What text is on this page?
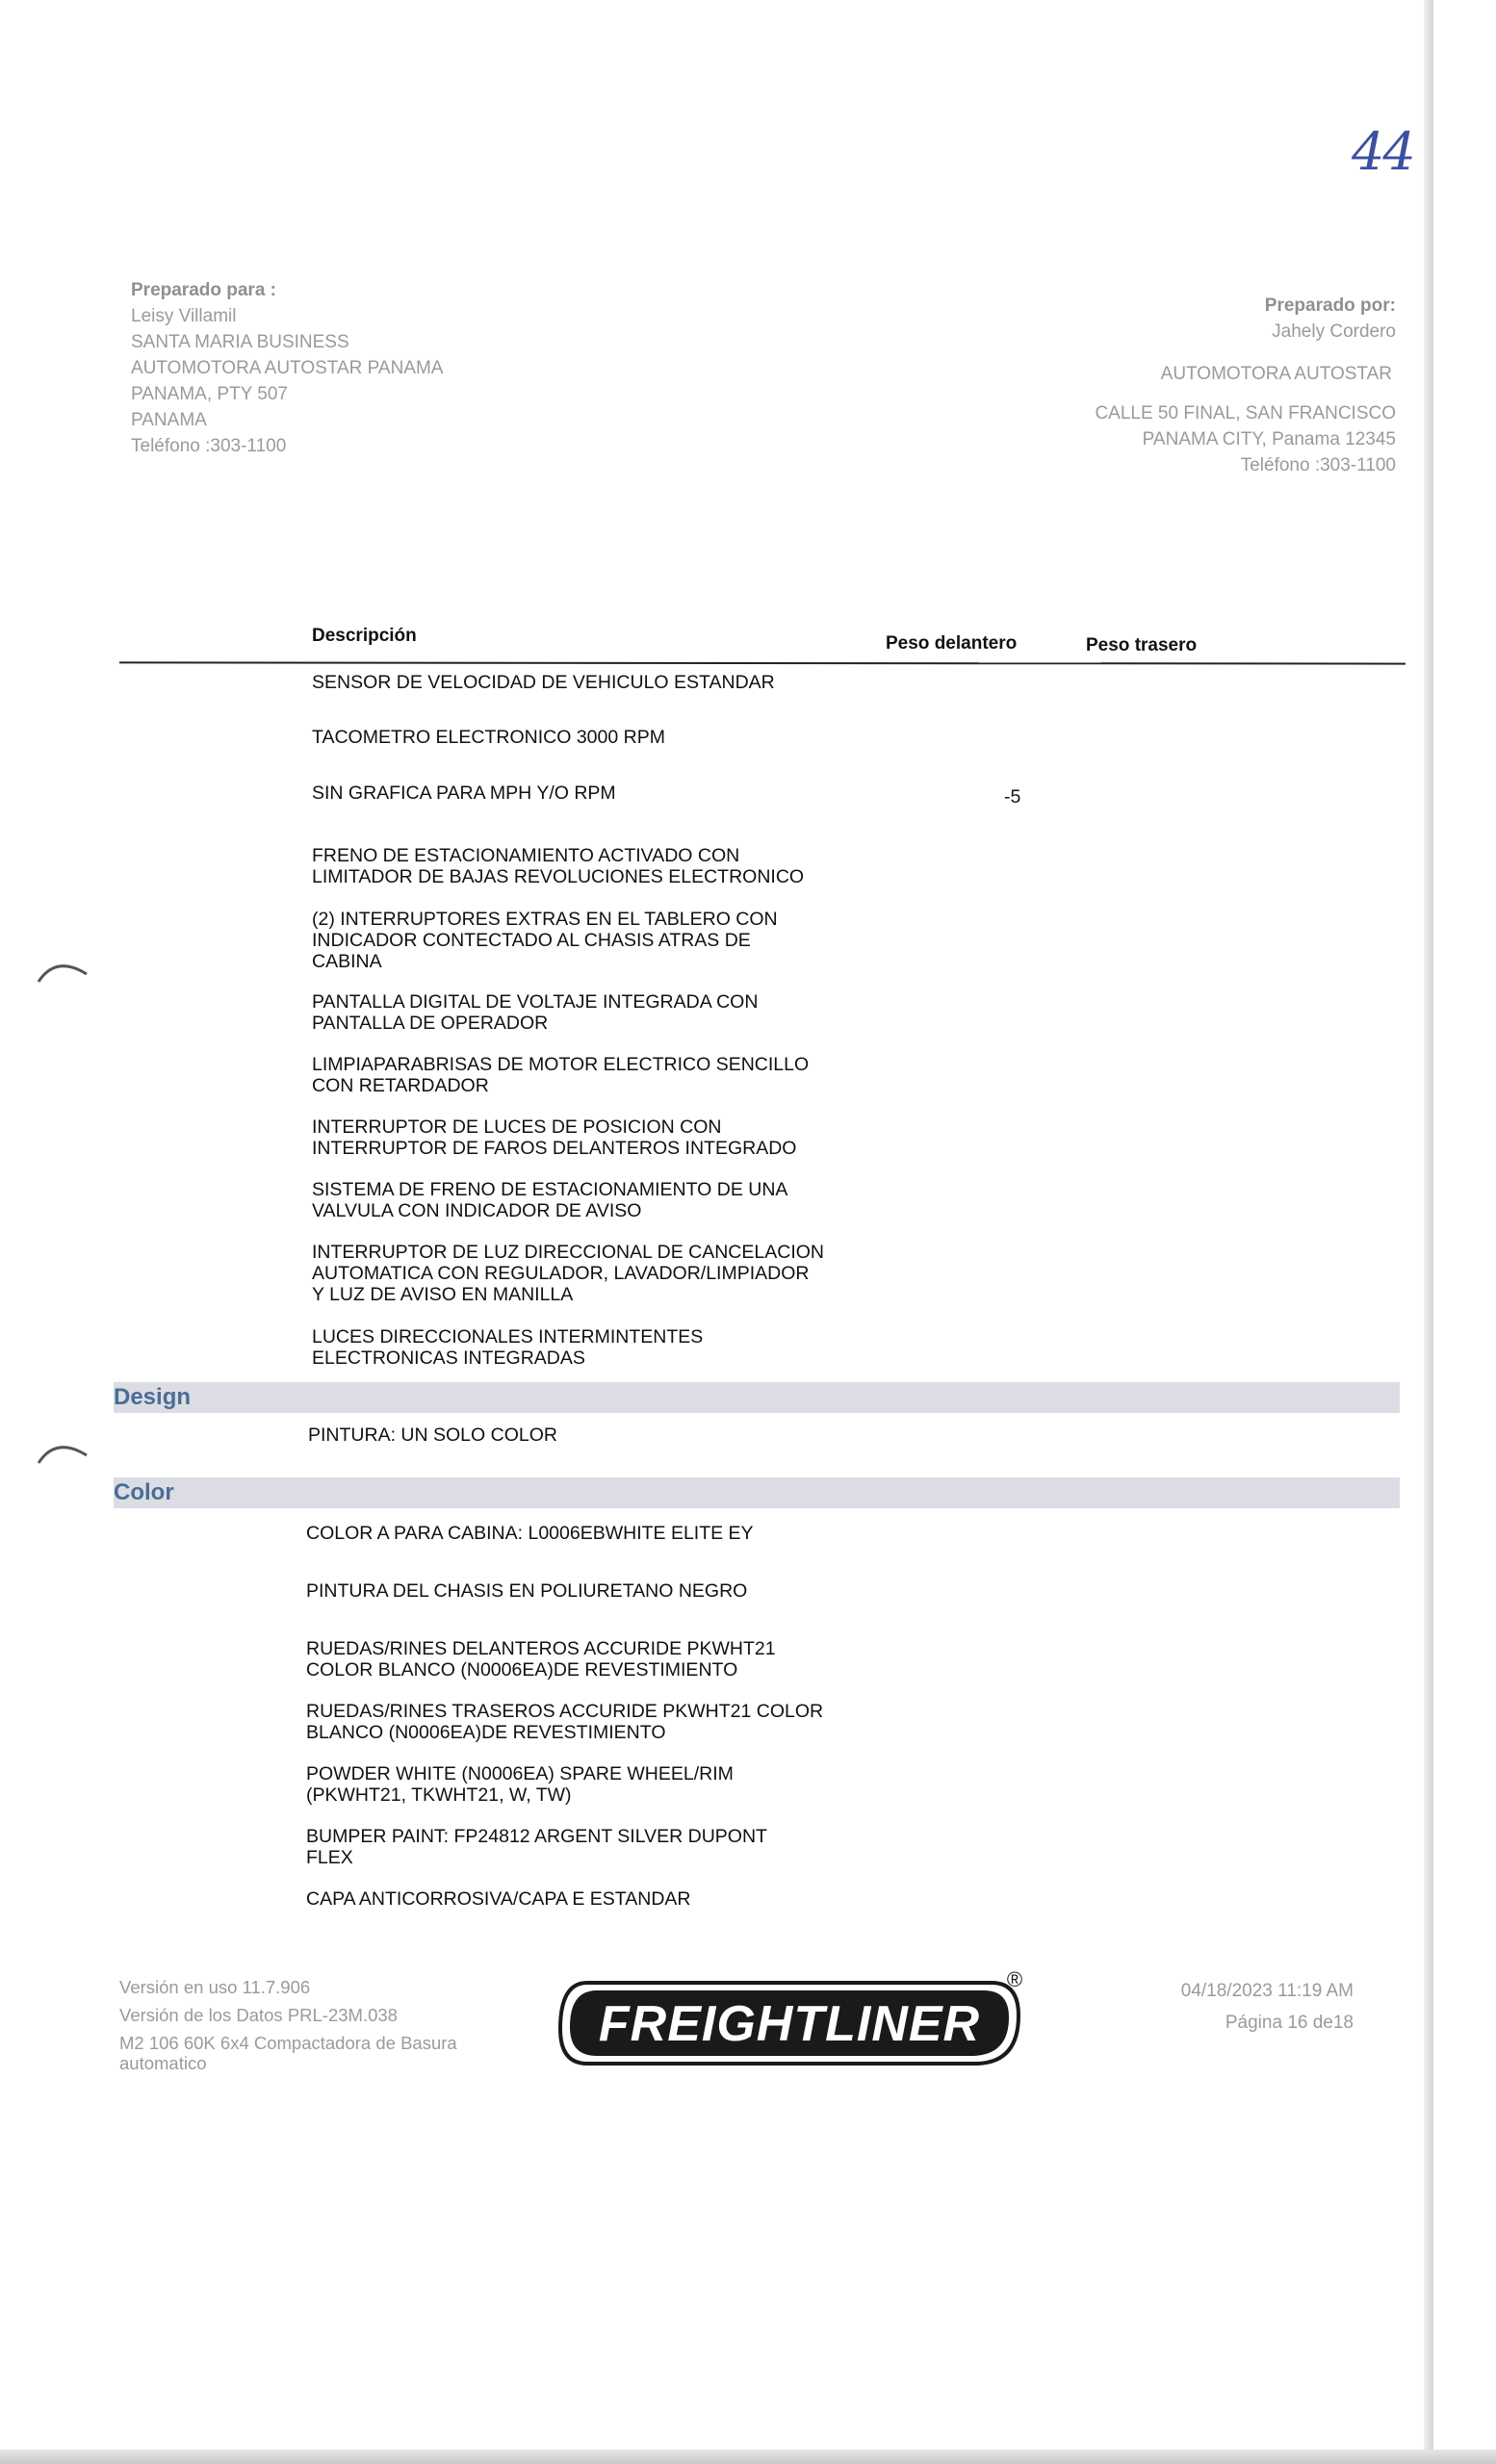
44
Preparado para :
Leisy Villamil
SANTA MARIA BUSINESS
AUTOMOTORA AUTOSTAR PANAMA
PANAMA, PTY 507
PANAMA
Teléfono :303-1100
Preparado por:
Jahely Cordero
AUTOMOTORA AUTOSTAR
CALLE 50 FINAL, SAN FRANCISCO
PANAMA CITY, Panama 12345
Teléfono :303-1100
Descripción	Peso delantero	Peso trasero
SENSOR DE VELOCIDAD DE VEHICULO ESTANDAR
TACOMETRO ELECTRONICO 3000 RPM
SIN GRAFICA PARA MPH Y/O RPM	-5
FRENO DE ESTACIONAMIENTO ACTIVADO CON
LIMITADOR DE BAJAS REVOLUCIONES ELECTRONICO
(2) INTERRUPTORES EXTRAS EN EL TABLERO CON
INDICADOR CONTECTADO AL CHASIS ATRAS DE
CABINA
PANTALLA DIGITAL DE VOLTAJE INTEGRADA CON
PANTALLA DE OPERADOR
LIMPIAPARABRISAS DE MOTOR ELECTRICO SENCILLO
CON RETARDADOR
INTERRUPTOR DE LUCES DE POSICION CON
INTERRUPTOR DE FAROS DELANTEROS INTEGRADO
SISTEMA DE FRENO DE ESTACIONAMIENTO DE UNA
VALVULA CON INDICADOR DE AVISO
INTERRUPTOR DE LUZ DIRECCIONAL DE CANCELACION
AUTOMATICA CON REGULADOR, LAVADOR/LIMPIADOR
Y LUZ DE AVISO EN MANILLA
LUCES DIRECCIONALES INTERMINTENTES
ELECTRONICAS INTEGRADAS
Design
PINTURA: UN SOLO COLOR
Color
COLOR A PARA CABINA: L0006EBWHITE ELITE EY
PINTURA DEL CHASIS EN POLIURETANO NEGRO
RUEDAS/RINES DELANTEROS ACCURIDE PKWHT21
COLOR BLANCO (N0006EA)DE REVESTIMIENTO
RUEDAS/RINES TRASEROS ACCURIDE PKWHT21 COLOR
BLANCO (N0006EA)DE REVESTIMIENTO
POWDER WHITE (N0006EA) SPARE WHEEL/RIM
(PKWHT21, TKWHT21, W, TW)
BUMPER PAINT: FP24812 ARGENT SILVER DUPONT
FLEX
CAPA ANTICORROSIVA/CAPA E ESTANDAR
Versión en uso 11.7.906
Versión de los Datos PRL-23M.038
M2 106 60K 6x4 Compactadora de Basura
automatico
FREIGHTLINER
®	04/18/2023 11:19 AM
Página 16 de18
